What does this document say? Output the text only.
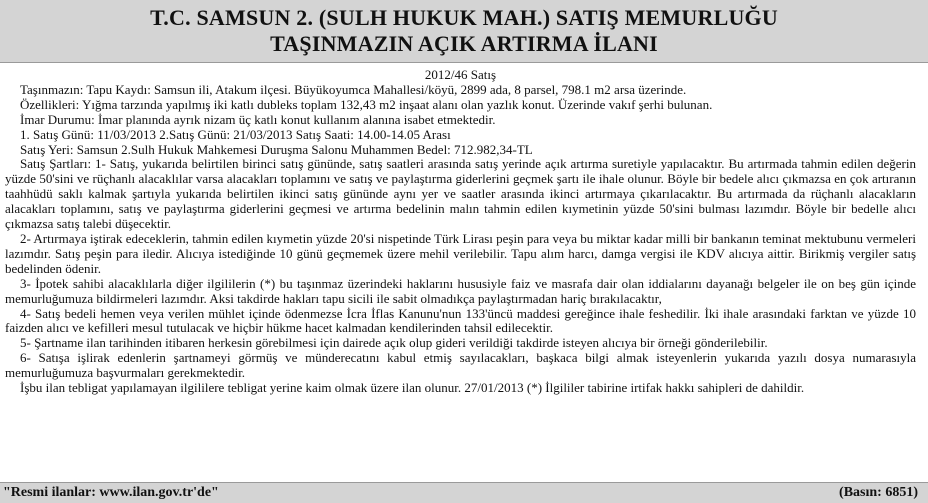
T.C. SAMSUN 2. (SULH HUKUK MAH.) SATIŞ MEMURLUĞU
TAŞINMAZIN AÇIK ARTIRMA İLANI
2012/46 Satış
Taşınmazın: Tapu Kaydı: Samsun ili, Atakum ilçesi. Büyükoyumca Mahallesi/köyü, 2899 ada, 8 parsel, 798.1 m2 arsa üzerinde.
Özellikleri: Yığma tarzında yapılmış iki katlı dubleks toplam 132,43 m2 inşaat alanı olan yazlık konut. Üzerinde vakıf şerhi bulunan.
İmar Durumu: İmar planında ayrık nizam üç katlı konut kullanım alanına isabet etmektedir.
1. Satış Günü: 11/03/2013 2.Satış Günü: 21/03/2013 Satış Saati: 14.00-14.05 Arası
Satış Yeri: Samsun 2.Sulh Hukuk Mahkemesi Duruşma Salonu Muhammen Bedel: 712.982,34-TL
Satış Şartları: 1- Satış, yukarıda belirtilen birinci satış gününde, satış saatleri arasında satış yerinde açık artırma suretiyle yapılacaktır. Bu artırmada tahmin edilen değerin yüzde 50'sini ve rüçhanlı alacaklılar varsa alacakları toplamını ve satış ve paylaştırma giderlerini geçmek şartı ile ihale olunur. Böyle bir bedele alıcı çıkmazsa en çok artıranın taahhüdü saklı kalmak şartıyla yukarıda belirtilen ikinci satış gününde aynı yer ve saatler arasında ikinci artırmaya çıkarılacaktır. Bu artırmada da rüçhanlı alacakların alacakları toplamını, satış ve paylaştırma giderlerini geçmesi ve artırma bedelinin malın tahmin edilen kıymetinin yüzde 50'sini bulması lazımdır. Böyle bir bedelle alıcı çıkmazsa satış talebi düşecektir.
2- Artırmaya iştirak edeceklerin, tahmin edilen kıymetin yüzde 20'si nispetinde Türk Lirası peşin para veya bu miktar kadar milli bir bankanın teminat mektubunu vermeleri lazımdır. Satış peşin para iledir. Alıcıya istediğinde 10 günü geçmemek üzere mehil verilebilir. Tapu alım harcı, damga vergisi ile KDV alıcıya aittir. Birikmiş vergiler satış bedelinden ödenir.
3- İpotek sahibi alacaklılarla diğer ilgililerin (*) bu taşınmaz üzerindeki haklarını hususiyle faiz ve masrafa dair olan iddialarını dayanağı belgeler ile on beş gün içinde memurluğumuza bildirmeleri lazımdır. Aksi takdirde hakları tapu sicili ile sabit olmadıkça paylaştırmadan hariç bırakılacaktır,
4- Satış bedeli hemen veya verilen mühlet içinde ödenmezse İcra İflas Kanunu'nun 133'üncü maddesi gereğince ihale feshedilir. İki ihale arasındaki farktan ve yüzde 10 faizden alıcı ve kefilleri mesul tutulacak ve hiçbir hükme hacet kalmadan kendilerinden tahsil edilecektir.
5- Şartname ilan tarihinden itibaren herkesin görebilmesi için dairede açık olup gideri verildiği takdirde isteyen alıcıya bir örneği gönderilebilir.
6- Satışa işlirak edenlerin şartnameyi görmüş ve münderecatını kabul etmiş sayılacakları, başkaca bilgi almak isteyenlerin yukarıda yazılı dosya numarasıyla memurluğumuza başvurmaları gerekmektedir.
İşbu ilan tebligat yapılamayan ilgililere tebligat yerine kaim olmak üzere ilan olunur. 27/01/2013 (*) İlgililer tabirine irtifak hakkı sahipleri de dahildir.
"Resmi ilanlar: www.ilan.gov.tr'de"	(Basın: 6851)
